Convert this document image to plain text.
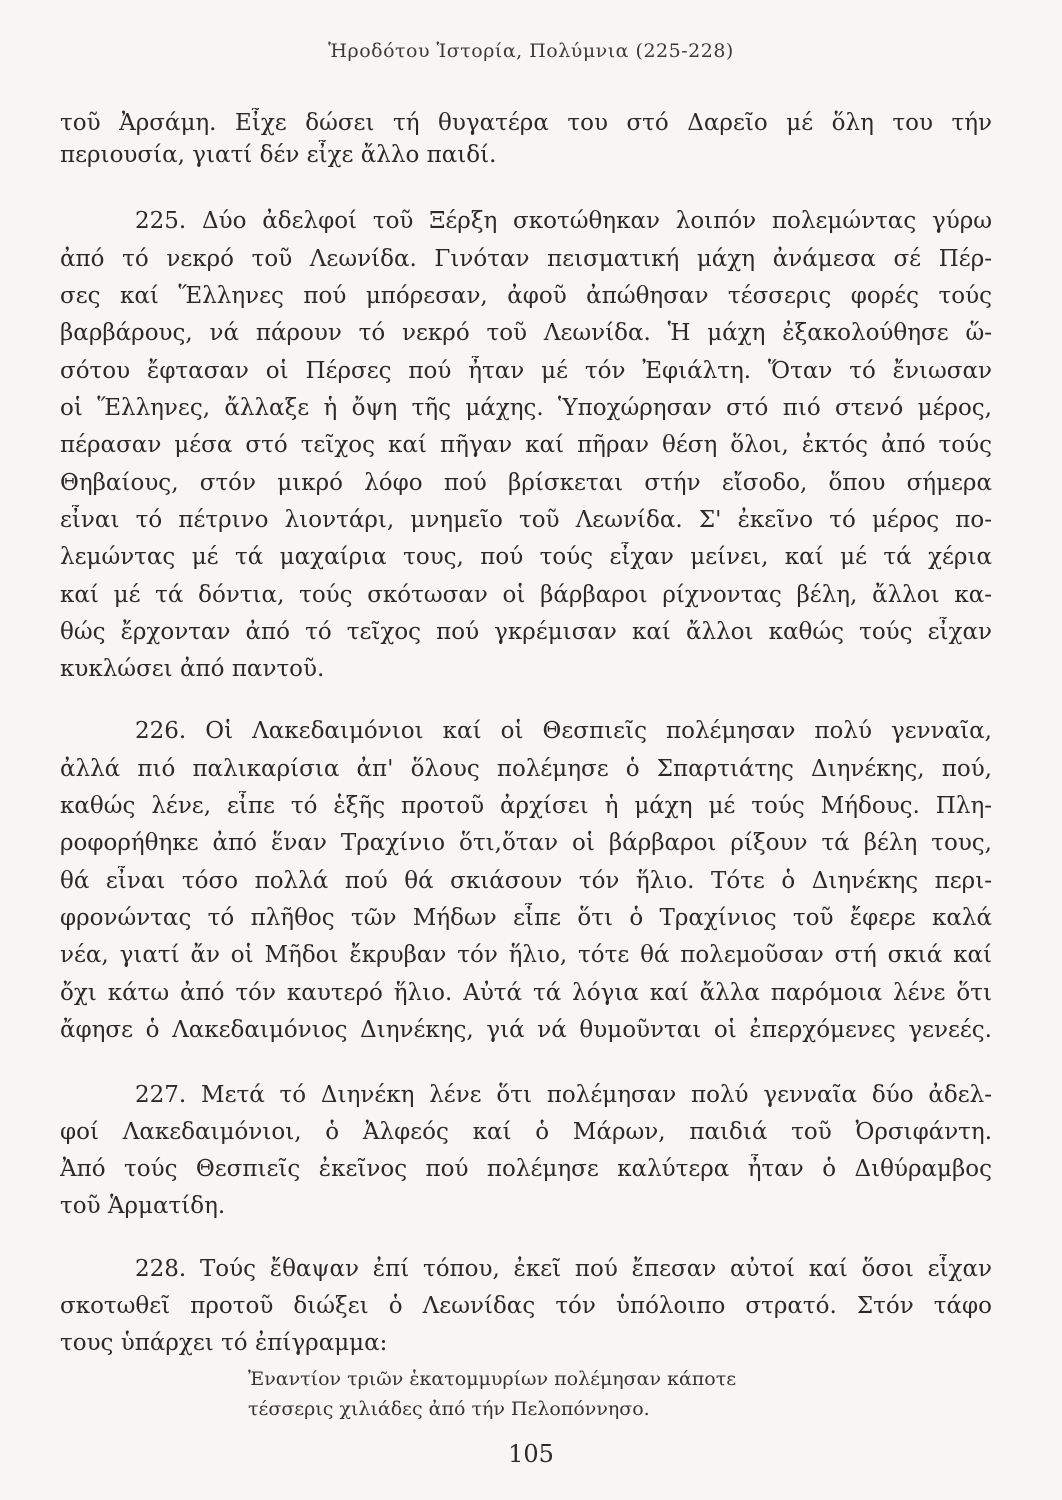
Ἡροδότου Ἱστορία, Πολύμνια (225-228)
τοῦ Ἀρσάμη. Εἶχε δώσει τή θυγατέρα του στό Δαρεῖο μέ ὅλη του τήν
περιουσία, γιατί δέν εἶχε ἄλλο παιδί.
225. Δύο ἀδελφοί τοῦ Ξέρξη σκοτώθηκαν λοιπόν πολεμώντας γύρω
ἀπό τό νεκρό τοῦ Λεωνίδα. Γινόταν πεισματική μάχη ἀνάμεσα σέ Πέρ-
σες καί Ἕλληνες πού μπόρεσαν, ἀφοῦ ἀπώθησαν τέσσερις φορές τούς
βαρβάρους, νά πάρουν τό νεκρό τοῦ Λεωνίδα. Ἡ μάχη ἐξακολούθησε ὥ-
σότου ἔφτασαν οἱ Πέρσες πού ἦταν μέ τόν Ἐφιάλτη. Ὅταν τό ἔνιωσαν
οἱ Ἕλληνες, ἄλλαξε ἡ ὄψη τῆς μάχης. Ὑποχώρησαν στό πιό στενό μέρος,
πέρασαν μέσα στό τεῖχος καί πῆγαν καί πῆραν θέση ὅλοι, ἐκτός ἀπό τούς
Θηβαίους, στόν μικρό λόφο πού βρίσκεται στήν εἴσοδο, ὅπου σήμερα
εἶναι τό πέτρινο λιοντάρι, μνημεῖο τοῦ Λεωνίδα. Σ' ἐκεῖνο τό μέρος πο-
λεμώντας μέ τά μαχαίρια τους, πού τούς εἶχαν μείνει, καί μέ τά χέρια
καί μέ τά δόντια, τούς σκότωσαν οἱ βάρβαροι ρίχνοντας βέλη, ἄλλοι κα-
θώς ἔρχονταν ἀπό τό τεῖχος πού γκρέμισαν καί ἄλλοι καθώς τούς εἶχαν
κυκλώσει ἀπό παντοῦ.
226. Οἱ Λακεδαιμόνιοι καί οἱ Θεσπιεῖς πολέμησαν πολύ γενναῖα,
ἀλλά πιό παλικαρίσια ἀπ' ὅλους πολέμησε ὁ Σπαρτιάτης Διηνέκης, πού,
καθώς λένε, εἶπε τό ἑξῆς προτοῦ ἀρχίσει ἡ μάχη μέ τούς Μήδους. Πλη-
ροφορήθηκε ἀπό ἕναν Τραχίνιο ὅτι,ὅταν οἱ βάρβαροι ρίξουν τά βέλη τους,
θά εἶναι τόσο πολλά πού θά σκιάσουν τόν ἥλιο. Τότε ὁ Διηνέκης περι-
φρονώντας τό πλῆθος τῶν Μήδων εἶπε ὅτι ὁ Τραχίνιος τοῦ ἔφερε καλά
νέα, γιατί ἄν οἱ Μῆδοι ἔκρυβαν τόν ἥλιο, τότε θά πολεμοῦσαν στή σκιά καί
ὄχι κάτω ἀπό τόν καυτερό ἥλιο. Αὐτά τά λόγια καί ἄλλα παρόμοια λένε ὅτι
ἄφησε ὁ Λακεδαιμόνιος Διηνέκης, γιά νά θυμοῦνται οἱ ἐπερχόμενες γενεές.
227. Μετά τό Διηνέκη λένε ὅτι πολέμησαν πολύ γενναῖα δύο ἀδελ-
φοί Λακεδαιμόνιοι, ὁ Ἀλφεός καί ὁ Μάρων, παιδιά τοῦ Ὀρσιφάντη.
Ἀπό τούς Θεσπιεῖς ἐκεῖνος πού πολέμησε καλύτερα ἦταν ὁ Διθύραμβος
τοῦ Ἁρματίδη.
228. Τούς ἔθαψαν ἐπί τόπου, ἐκεῖ πού ἔπεσαν αὐτοί καί ὅσοι εἶχαν
σκοτωθεῖ προτοῦ διώξει ὁ Λεωνίδας τόν ὑπόλοιπο στρατό. Στόν τάφο
τους ὑπάρχει τό ἐπίγραμμα:
Ἐναντίον τριῶν ἑκατομμυρίων πολέμησαν κάποτε
τέσσερις χιλιάδες ἀπό τήν Πελοπόννησο.
105
